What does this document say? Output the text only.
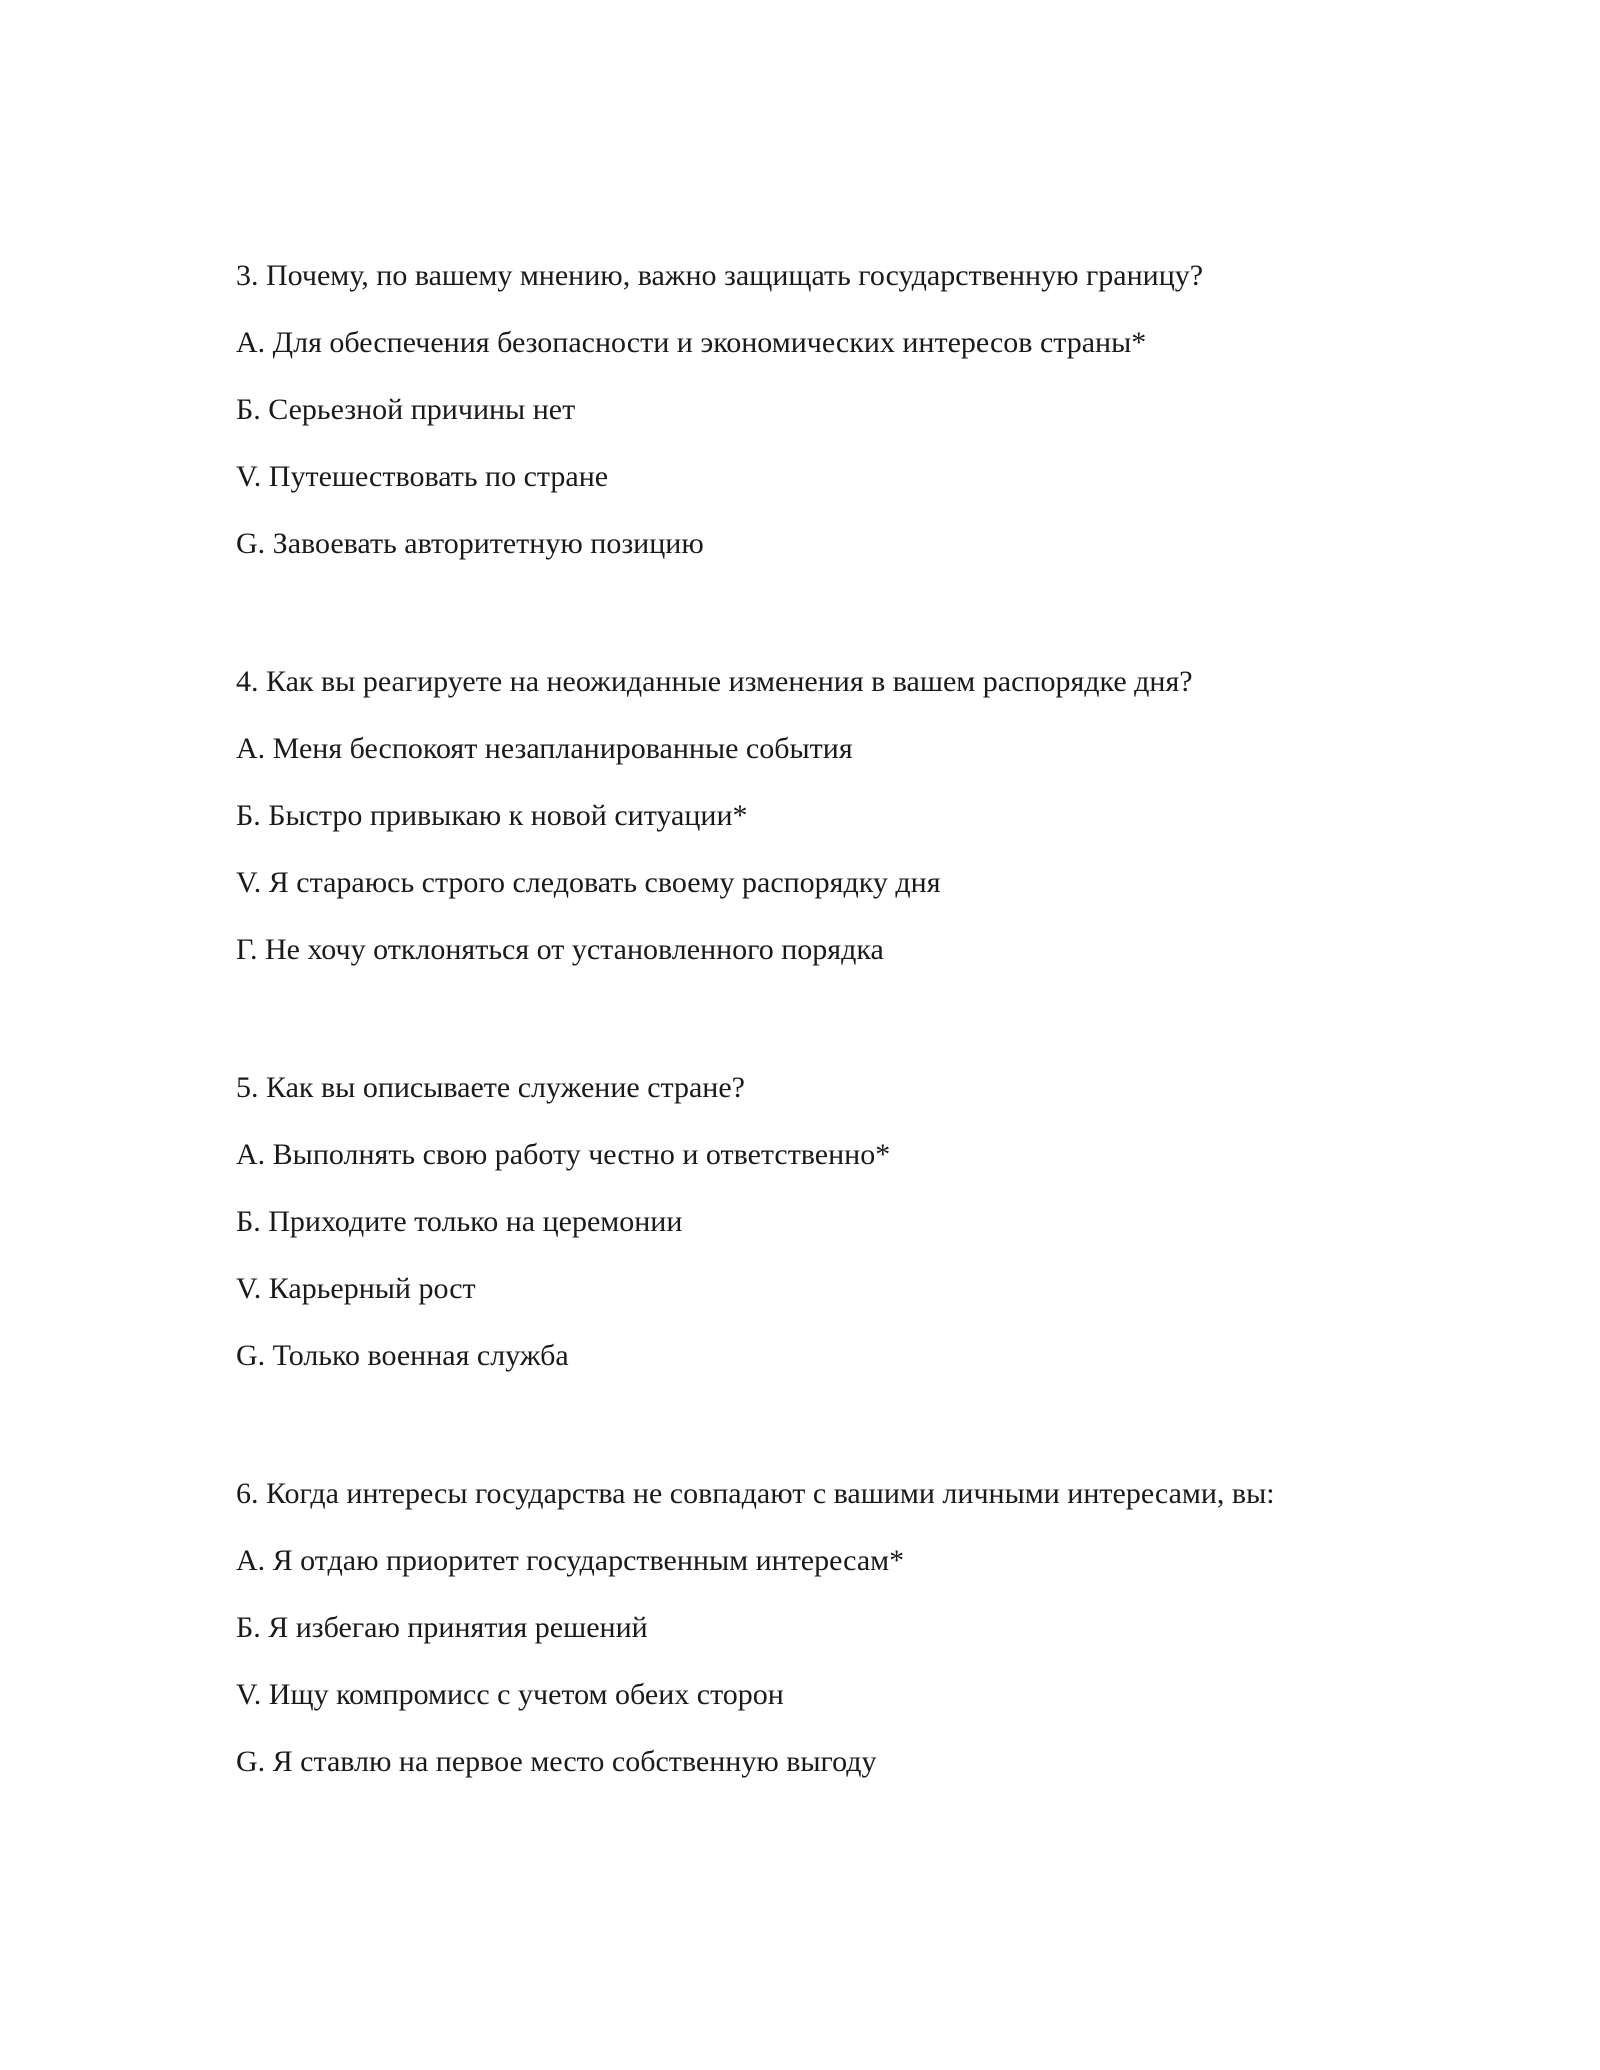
3. Почему, по вашему мнению, важно защищать государственную границу?
A. Для обеспечения безопасности и экономических интересов страны*
Б. Серьезной причины нет
V. Путешествовать по стране
G. Завоевать авторитетную позицию
4. Как вы реагируете на неожиданные изменения в вашем распорядке дня?
А. Меня беспокоят незапланированные события
Б. Быстро привыкаю к новой ситуации*
V. Я стараюсь строго следовать своему распорядку дня
Г. Не хочу отклоняться от установленного порядка
5. Как вы описываете служение стране?
A. Выполнять свою работу честно и ответственно*
Б. Приходите только на церемонии
V. Карьерный рост
G. Только военная служба
6. Когда интересы государства не совпадают с вашими личными интересами, вы:
A. Я отдаю приоритет государственным интересам*
Б. Я избегаю принятия решений
V. Ищу компромисс с учетом обеих сторон
G. Я ставлю на первое место собственную выгоду
